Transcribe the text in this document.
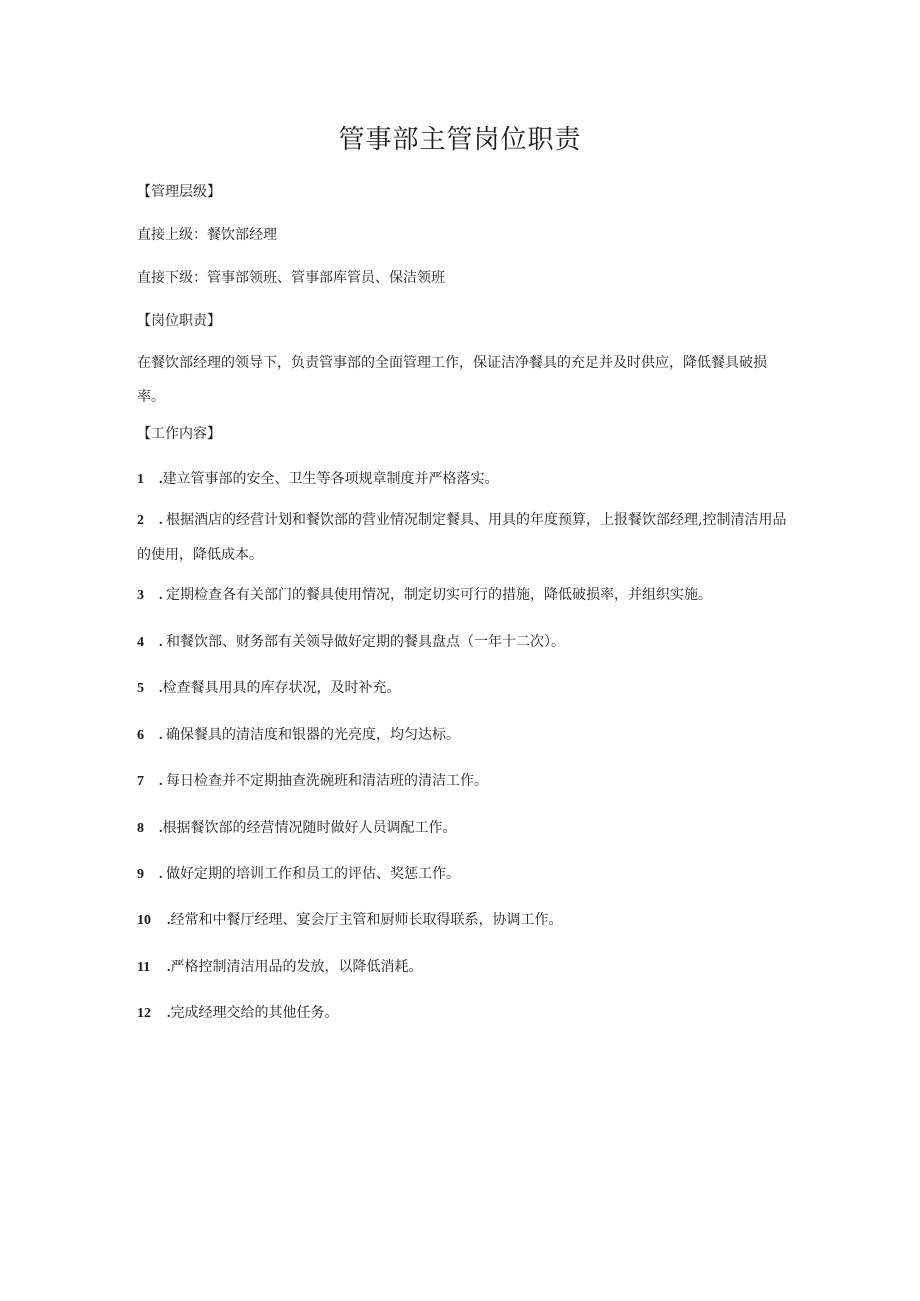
管事部主管岗位职责
【管理层级】
直接上级：餐饮部经理
直接下级：管事部领班、管事部库管员、保洁领班
【岗位职责】
在餐饮部经理的领导下，负责管事部的全面管理工作，保证洁净餐具的充足并及时供应，降低餐具破损率。
【工作内容】
1 .建立管事部的安全、卫生等各项规章制度并严格落实。
2 . 根据酒店的经营计划和餐饮部的营业情况制定餐具、用具的年度预算，上报餐饮部经理,控制清洁用品的使用，降低成本。
3 . 定期检查各有关部门的餐具使用情况，制定切实可行的措施，降低破损率，并组织实施。
4 . 和餐饮部、财务部有关领导做好定期的餐具盘点（一年十二次）。
5 .检查餐具用具的库存状况，及时补充。
6 . 确保餐具的清洁度和银器的光亮度，均匀达标。
7 . 每日检查并不定期抽查洗碗班和清洁班的清洁工作。
8 .根据餐饮部的经营情况随时做好人员调配工作。
9 . 做好定期的培训工作和员工的评估、奖惩工作。
10 .经常和中餐厅经理、宴会厅主管和厨师长取得联系，协调工作。
11 .严格控制清洁用品的发放，以降低消耗。
12 .完成经理交给的其他任务。
